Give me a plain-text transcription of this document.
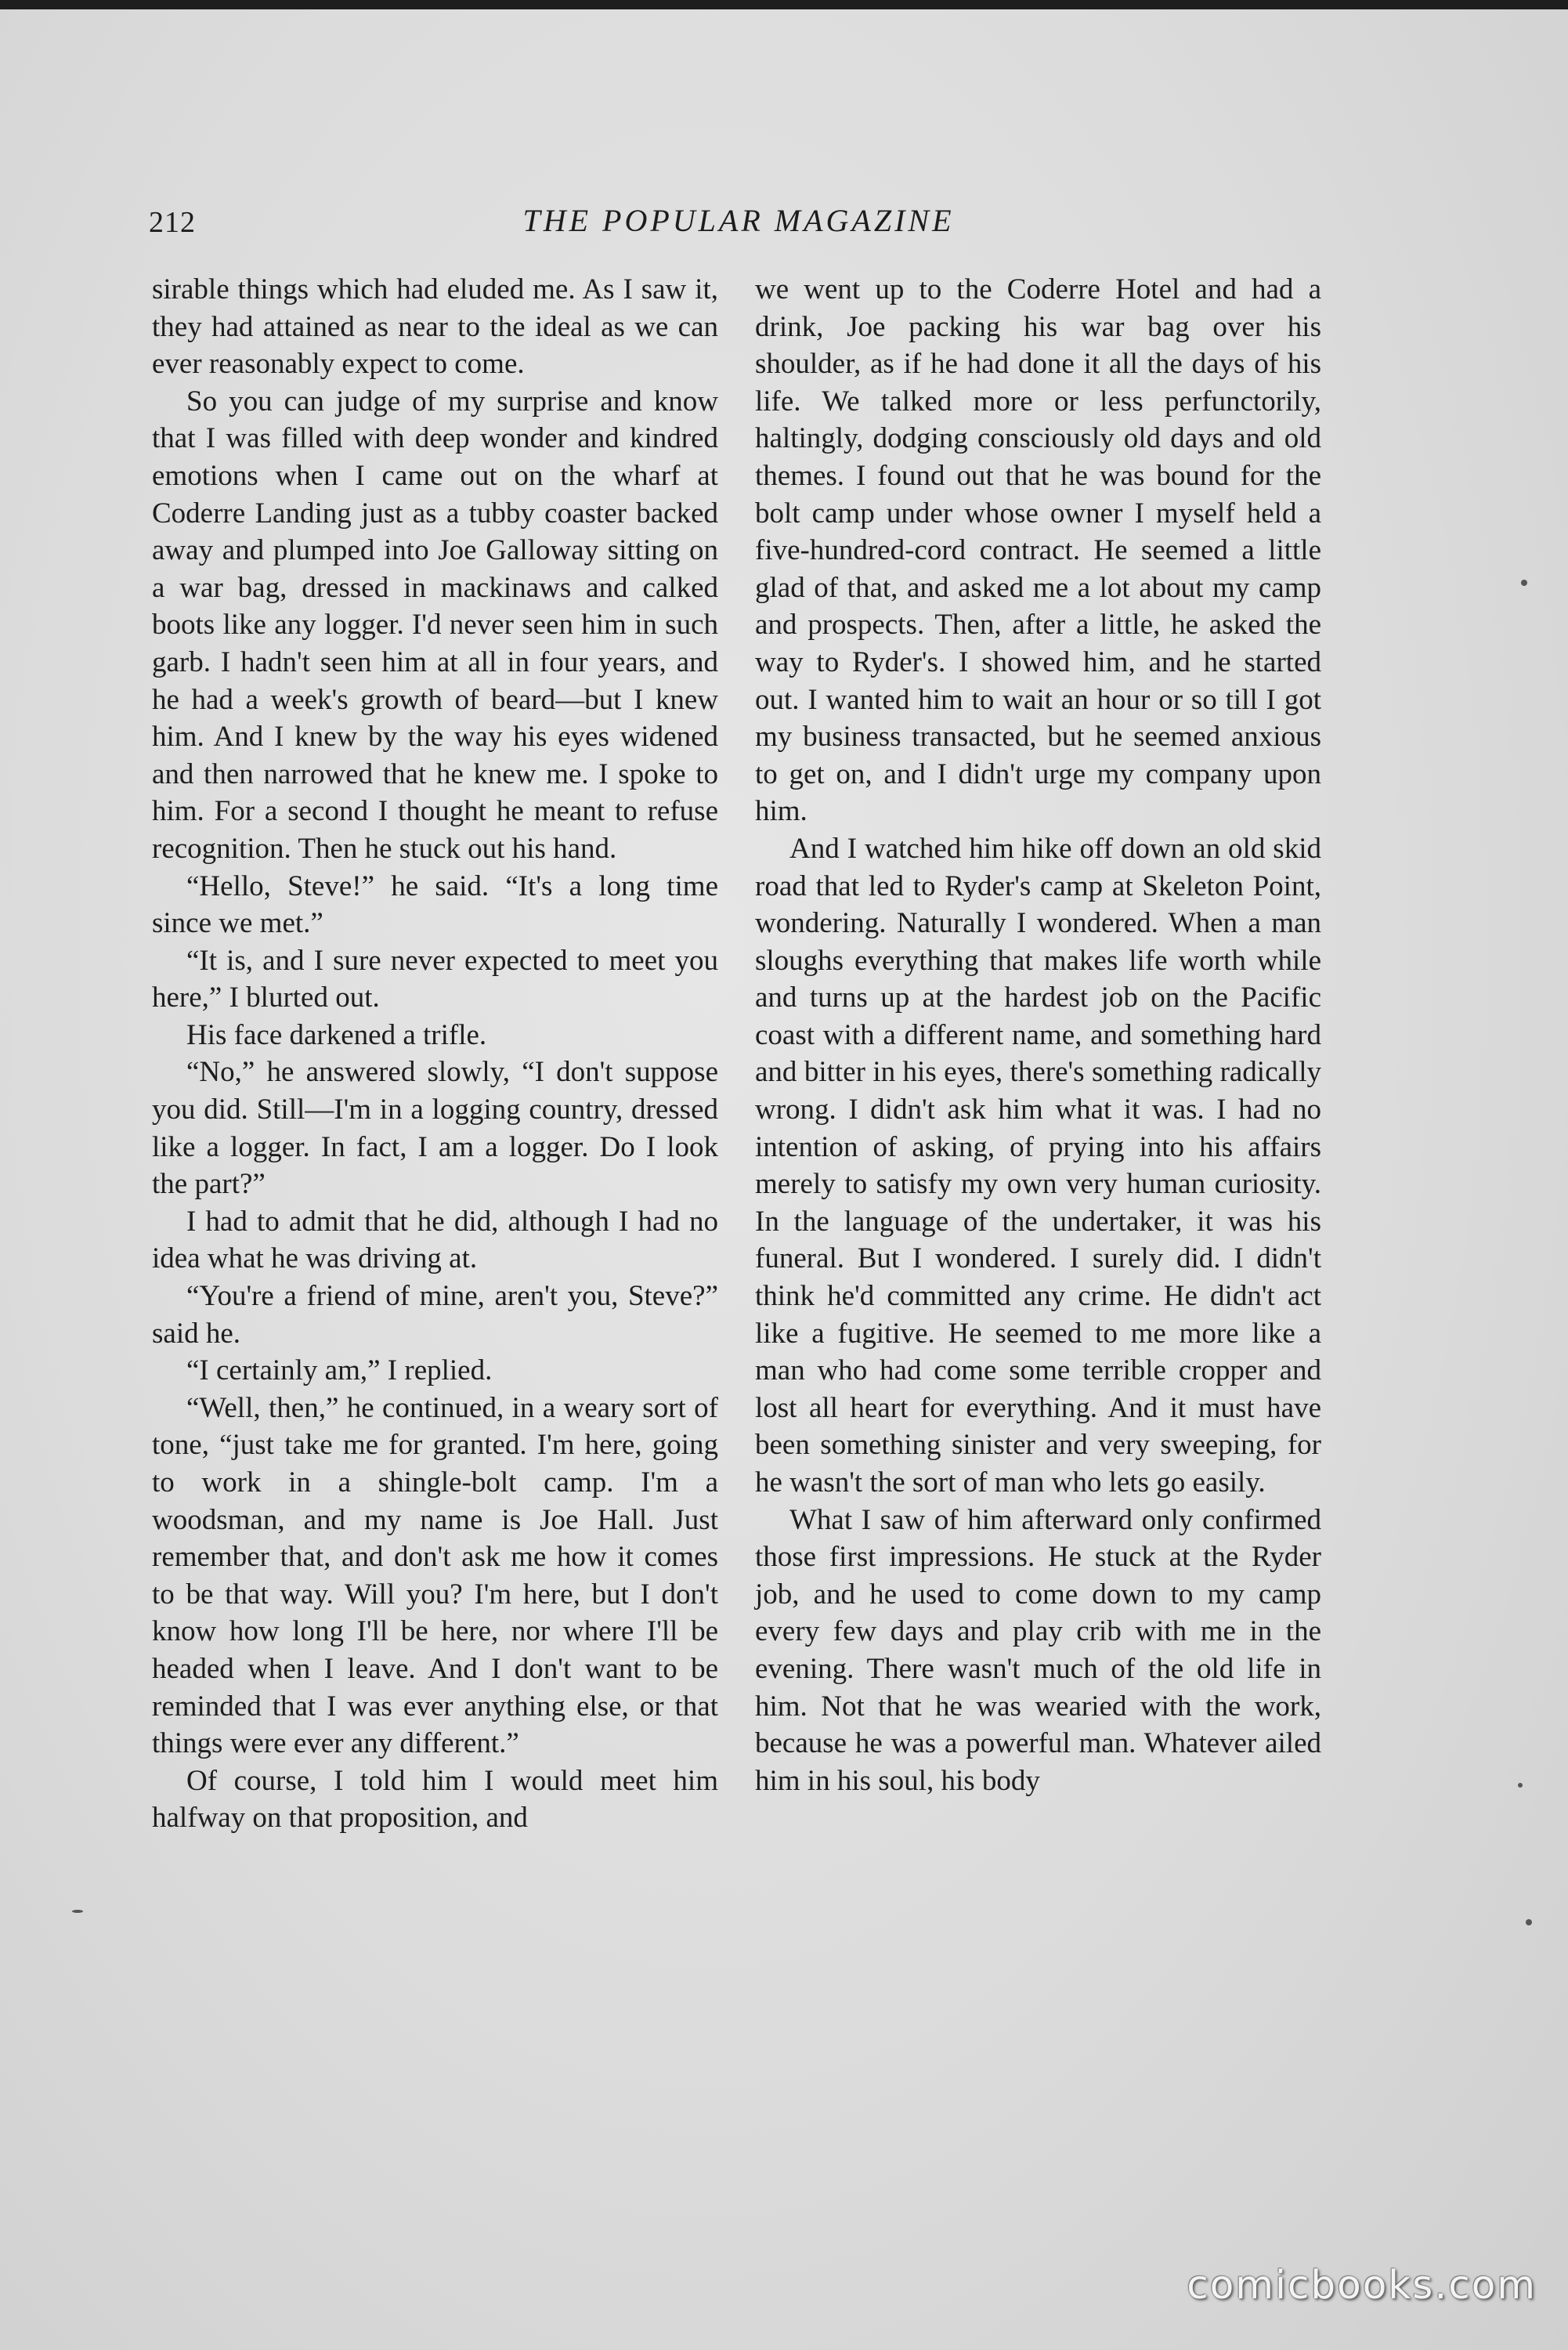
212	THE POPULAR MAGAZINE

sirable things which had eluded me. As I saw it, they had attained as near to the ideal as we can ever reasonably expect to come.

So you can judge of my surprise and know that I was filled with deep wonder and kindred emotions when I came out on the wharf at Coderre Landing just as a tubby coaster backed away and plumped into Joe Galloway sitting on a war bag, dressed in mackinaws and calked boots like any logger. I'd never seen him in such garb. I hadn't seen him at all in four years, and he had a week's growth of beard—but I knew him. And I knew by the way his eyes widened and then narrowed that he knew me. I spoke to him. For a second I thought he meant to refuse recognition. Then he stuck out his hand.

“Hello, Steve!” he said. “It's a long time since we met.”

“It is, and I sure never expected to meet you here,” I blurted out.

His face darkened a trifle.

“No,” he answered slowly, “I don't suppose you did. Still—I'm in a logging country, dressed like a logger. In fact, I am a logger. Do I look the part?”

I had to admit that he did, although I had no idea what he was driving at.

“You're a friend of mine, aren't you, Steve?” said he.

“I certainly am,” I replied.

“Well, then,” he continued, in a weary sort of tone, “just take me for granted. I'm here, going to work in a shingle-bolt camp. I'm a woodsman, and my name is Joe Hall. Just remember that, and don't ask me how it comes to be that way. Will you? I'm here, but I don't know how long I'll be here, nor where I'll be headed when I leave. And I don't want to be reminded that I was ever anything else, or that things were ever any different.”

Of course, I told him I would meet him halfway on that proposition, and

we went up to the Coderre Hotel and had a drink, Joe packing his war bag over his shoulder, as if he had done it all the days of his life. We talked more or less perfunctorily, haltingly, dodging consciously old days and old themes. I found out that he was bound for the bolt camp under whose owner I myself held a five-hundred-cord contract. He seemed a little glad of that, and asked me a lot about my camp and prospects. Then, after a little, he asked the way to Ryder's. I showed him, and he started out. I wanted him to wait an hour or so till I got my business transacted, but he seemed anxious to get on, and I didn't urge my company upon him.

And I watched him hike off down an old skid road that led to Ryder's camp at Skeleton Point, wondering. Naturally I wondered. When a man sloughs everything that makes life worth while and turns up at the hardest job on the Pacific coast with a different name, and something hard and bitter in his eyes, there's something radically wrong. I didn't ask him what it was. I had no intention of asking, of prying into his affairs merely to satisfy my own very human curiosity. In the language of the undertaker, it was his funeral. But I wondered. I surely did. I didn't think he'd committed any crime. He didn't act like a fugitive. He seemed to me more like a man who had come some terrible cropper and lost all heart for everything. And it must have been something sinister and very sweeping, for he wasn't the sort of man who lets go easily.

What I saw of him afterward only confirmed those first impressions. He stuck at the Ryder job, and he used to come down to my camp every few days and play crib with me in the evening. There wasn't much of the old life in him. Not that he was wearied with the work, because he was a powerful man. Whatever ailed him in his soul, his body

comicbooks.com
